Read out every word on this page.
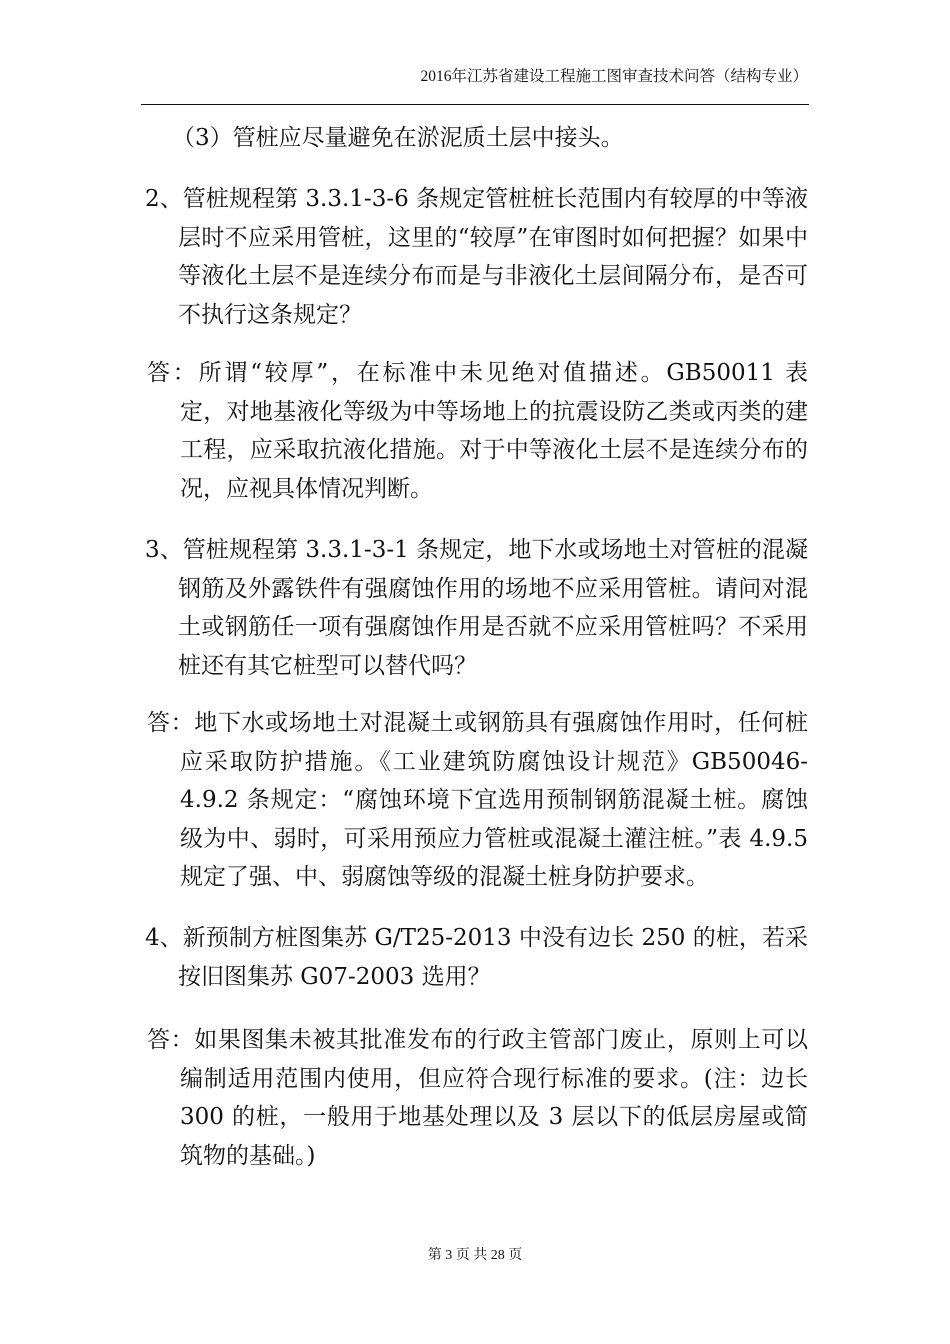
2016年江苏省建设工程施工图审查技术问答（结构专业）
（3）管桩应尽量避免在淤泥质土层中接头。
2、管桩规程第 3.3.1-3-6 条规定管桩桩长范围内有较厚的中等液
层时不应采用管桩，这里的“较厚”在审图时如何把握？如果中
等液化土层不是连续分布而是与非液化土层间隔分布，是否可
不执行这条规定？
答：所谓“较厚”，在标准中未见绝对值描述。GB50011 表
定，对地基液化等级为中等场地上的抗震设防乙类或丙类的建
工程，应采取抗液化措施。对于中等液化土层不是连续分布的
况，应视具体情况判断。
3、管桩规程第 3.3.1-3-1 条规定，地下水或场地土对管桩的混凝
钢筋及外露铁件有强腐蚀作用的场地不应采用管桩。请问对混
土或钢筋任一项有强腐蚀作用是否就不应采用管桩吗？不采用
桩还有其它桩型可以替代吗？
答：地下水或场地土对混凝土或钢筋具有强腐蚀作用时，任何桩
应采取防护措施。《工业建筑防腐蚀设计规范》GB50046-
4.9.2 条规定：“腐蚀环境下宜选用预制钢筋混凝土桩。腐蚀
级为中、弱时，可采用预应力管桩或混凝土灌注桩。”表 4.9.5
规定了强、中、弱腐蚀等级的混凝土桩身防护要求。
4、新预制方桩图集苏 G/T25-2013 中没有边长 250 的桩，若采
按旧图集苏 G07-2003 选用？
答：如果图集未被其批准发布的行政主管部门废止，原则上可以
编制适用范围内使用，但应符合现行标准的要求。(注：边长
300 的桩，一般用于地基处理以及 3 层以下的低层房屋或简
筑物的基础。)
第 3 页 共 28 页
